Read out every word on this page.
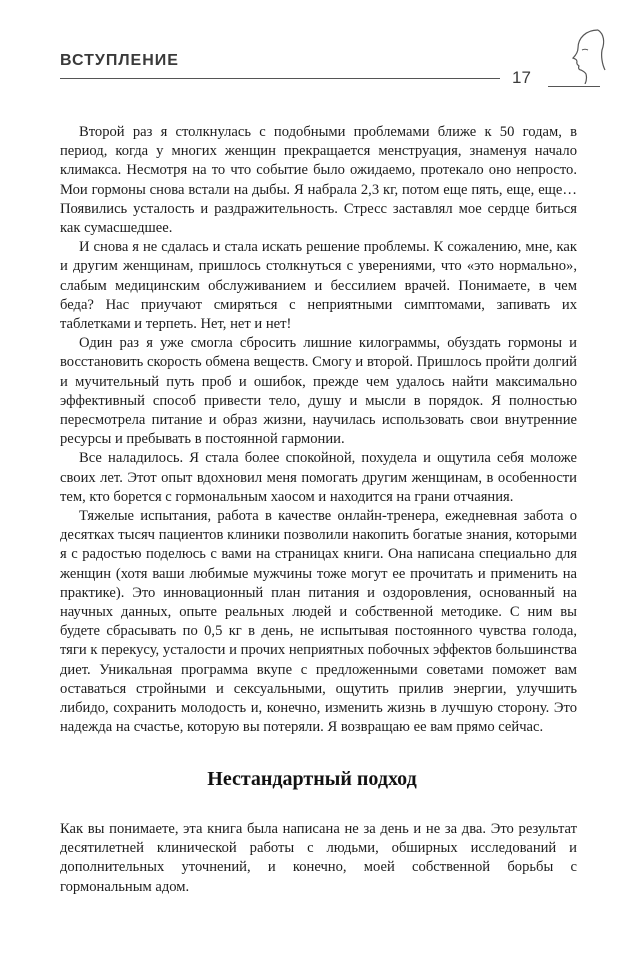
ВСТУПЛЕНИЕ
17

Второй раз я столкнулась с подобными проблемами ближе к 50 годам, в период, когда у многих женщин прекращается менструация, знаменуя начало климакса. Несмотря на то что событие было ожидаемо, протекало оно непросто. Мои гормоны снова встали на дыбы. Я набрала 2,3 кг, потом еще пять, еще, еще… Появились усталость и раздражительность. Стресс заставлял мое сердце биться как сумасшедшее.

И снова я не сдалась и стала искать решение проблемы. К сожалению, мне, как и другим женщинам, пришлось столкнуться с уверениями, что «это нормально», слабым медицинским обслуживанием и бессилием врачей. Понимаете, в чем беда? Нас приучают смиряться с неприятными симптомами, запивать их таблетками и терпеть. Нет, нет и нет!

Один раз я уже смогла сбросить лишние килограммы, обуздать гормоны и восстановить скорость обмена веществ. Смогу и второй. Пришлось пройти долгий и мучительный путь проб и ошибок, прежде чем удалось найти максимально эффективный способ привести тело, душу и мысли в порядок. Я полностью пересмотрела питание и образ жизни, научилась использовать свои внутренние ресурсы и пребывать в постоянной гармонии.

Все наладилось. Я стала более спокойной, похудела и ощутила себя моложе своих лет. Этот опыт вдохновил меня помогать другим женщинам, в особенности тем, кто борется с гормональным хаосом и находится на грани отчаяния.

Тяжелые испытания, работа в качестве онлайн-тренера, ежедневная забота о десятках тысяч пациентов клиники позволили накопить богатые знания, которыми я с радостью поделюсь с вами на страницах книги. Она написана специально для женщин (хотя ваши любимые мужчины тоже могут ее прочитать и применить на практике). Это инновационный план питания и оздоровления, основанный на научных данных, опыте реальных людей и собственной методике. С ним вы будете сбрасывать по 0,5 кг в день, не испытывая постоянного чувства голода, тяги к перекусу, усталости и прочих неприятных побочных эффектов большинства диет. Уникальная программа вкупе с предложенными советами поможет вам оставаться стройными и сексуальными, ощутить прилив энергии, улучшить либидо, сохранить молодость и, конечно, изменить жизнь в лучшую сторону. Это надежда на счастье, которую вы потеряли. Я возвращаю ее вам прямо сейчас.

Нестандартный подход

Как вы понимаете, эта книга была написана не за день и не за два. Это результат десятилетней клинической работы с людьми, обширных исследований и дополнительных уточнений, и конечно, моей собственной борьбы с гормональным адом.
